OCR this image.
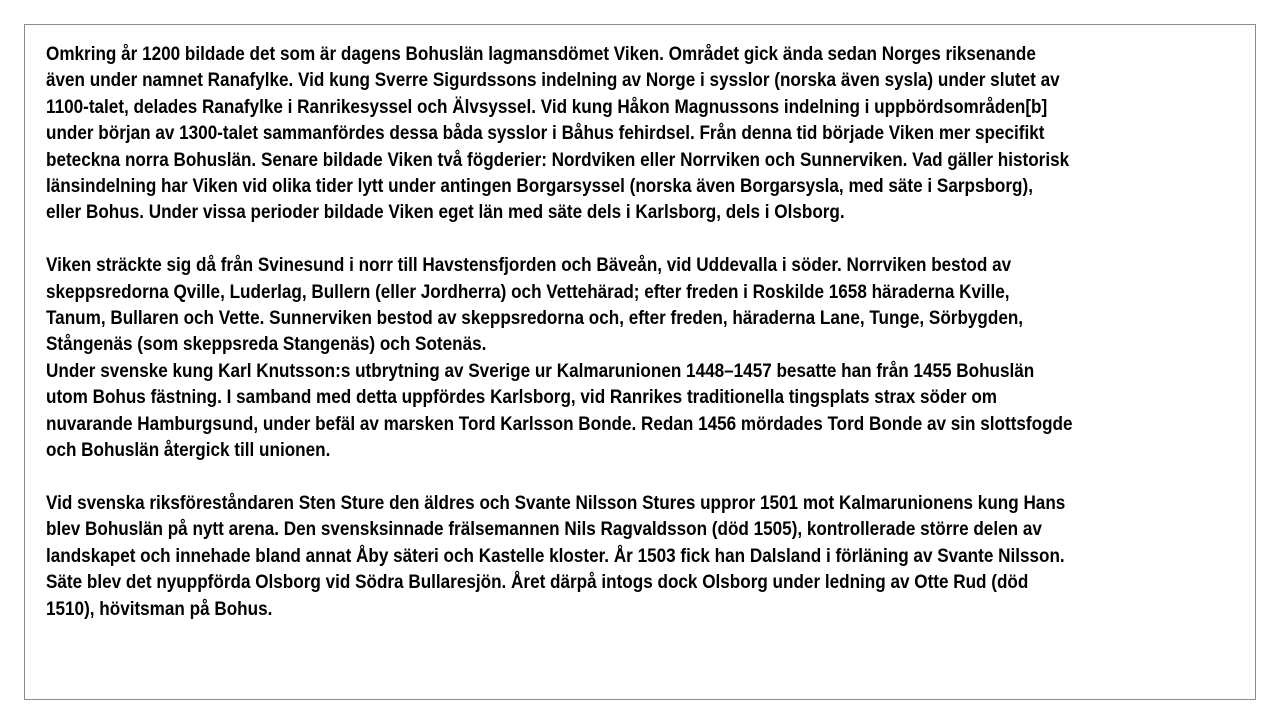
Omkring år 1200 bildade det som är dagens Bohuslän lagmansdömet Viken. Området gick ända sedan Norges riksenande
även under namnet Ranafylke. Vid kung Sverre Sigurdssons indelning av Norge i sysslor (norska även sysla) under slutet av
1100-talet, delades Ranafylke i Ranrikesyssel och Älvsyssel. Vid kung Håkon Magnussons indelning i uppbördsområden[b]
under början av 1300-talet sammanfördes dessa båda sysslor i Båhus fehirdsel. Från denna tid började Viken mer specifikt
beteckna norra Bohuslän. Senare bildade Viken två fögderier: Nordviken eller Norrviken och Sunnerviken. Vad gäller historisk
länsindelning har Viken vid olika tider lytt under antingen Borgarsyssel (norska även Borgarsysla, med säte i Sarpsborg),
eller Bohus. Under vissa perioder bildade Viken eget län med säte dels i Karlsborg, dels i Olsborg.

Viken sträckte sig då från Svinesund i norr till Havstensfjorden och Bäveån, vid Uddevalla i söder. Norrviken bestod av
skeppsredorna Qville, Luderlag, Bullern (eller Jordherra) och Vettehärad; efter freden i Roskilde 1658 häraderna Kville,
Tanum, Bullaren och Vette. Sunnerviken bestod av skeppsredorna och, efter freden, häraderna Lane, Tunge, Sörbygden,
Stångenäs (som skeppsreda Stangenäs) och Sotenäs.

Under svenske kung Karl Knutsson:s utbrytning av Sverige ur Kalmarunionen 1448–1457 besatte han från 1455 Bohuslän
utom Bohus fästning. I samband med detta uppfördes Karlsborg, vid Ranrikes traditionella tingsplats strax söder om
nuvarande Hamburgsund, under befäl av marsken Tord Karlsson Bonde. Redan 1456 mördades Tord Bonde av sin slottsfogde
och Bohuslän återgick till unionen.

Vid svenska riksföreståndaren Sten Sture den äldres och Svante Nilsson Stures uppror 1501 mot Kalmarunionens kung Hans
blev Bohuslän på nytt arena. Den svensksinnade frälsemannen Nils Ragvaldsson (död 1505), kontrollerade större delen av
landskapet och innehade bland annat Åby säteri och Kastelle kloster. År 1503 fick han Dalsland i förläning av Svante Nilsson.
Säte blev det nyuppförda Olsborg vid Södra Bullaresjön. Året därpå intogs dock Olsborg under ledning av Otte Rud (död
1510), hövitsman på Bohus.
